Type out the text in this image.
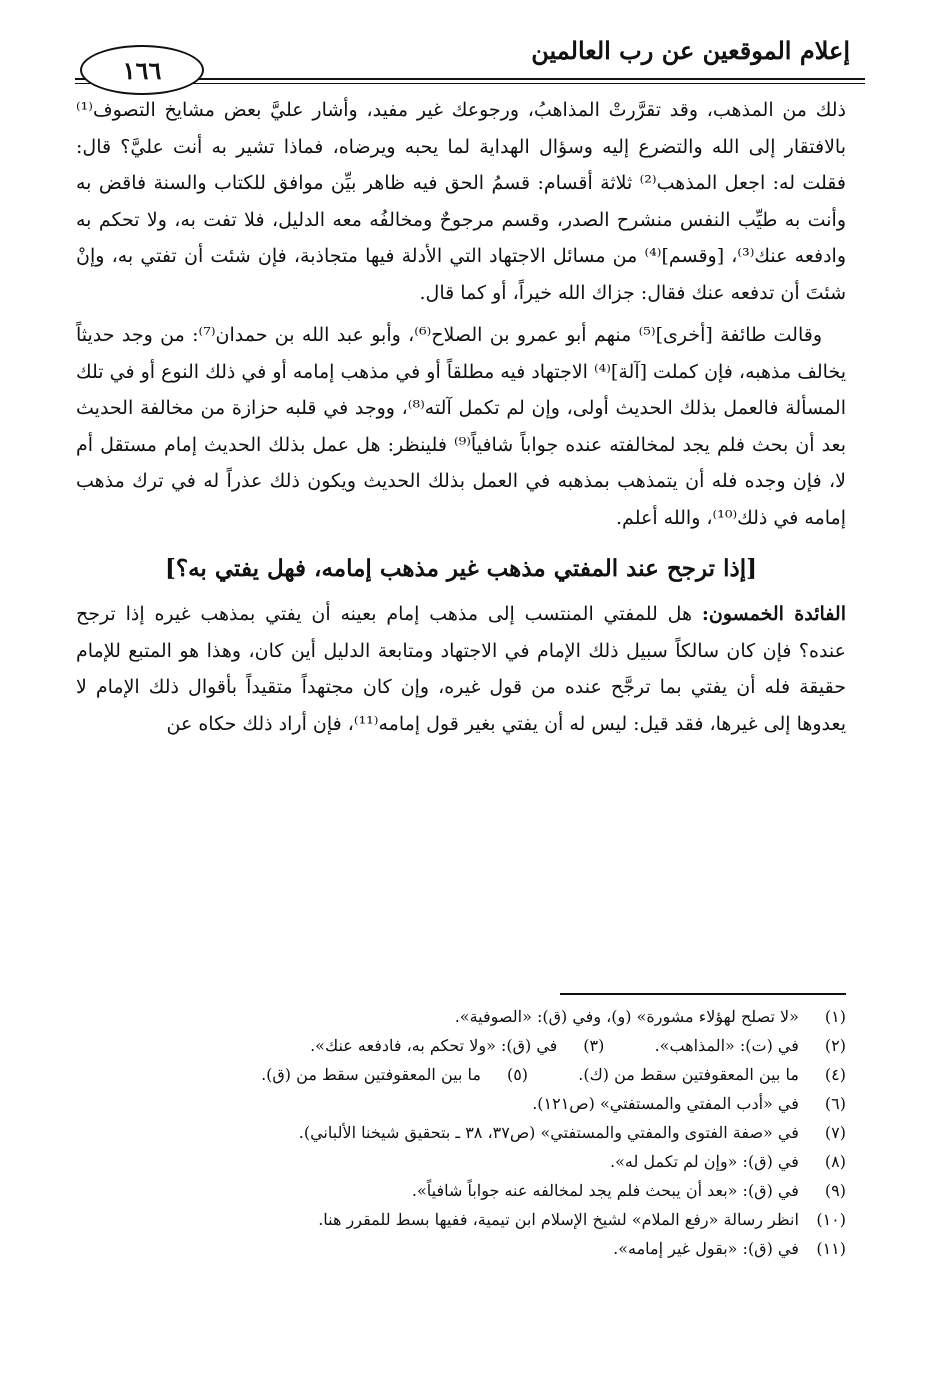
إعلام الموقعين عن رب العالمين
١٦٦

ذلك من المذهب، وقد تقرَّرتْ المذاهبُ، ورجوعك غير مفيد، وأشار عليَّ بعض مشايخ التصوف⁽¹⁾ بالافتقار إلى الله والتضرع إليه وسؤال الهداية لما يحبه ويرضاه، فماذا تشير به أنت عليَّ؟ قال: فقلت له: اجعل المذهب⁽²⁾ ثلاثة أقسام: قسمُ الحق فيه ظاهر بيِّن موافق للكتاب والسنة فاقض به وأنت به طيِّب النفس منشرح الصدر، وقسم مرجوحٌ ومخالفُه معه الدليل، فلا تفت به، ولا تحكم به وادفعه عنك⁽³⁾، [وقسم]⁽⁴⁾ من مسائل الاجتهاد التي الأدلة فيها متجاذبة، فإن شئت أن تفتي به، وإنْ شئتَ أن تدفعه عنك فقال: جزاك الله خيراً، أو كما قال.

وقالت طائفة [أخرى]⁽⁵⁾ منهم أبو عمرو بن الصلاح⁽⁶⁾، وأبو عبد الله بن حمدان⁽⁷⁾: من وجد حديثاً يخالف مذهبه، فإن كملت [آلة]⁽⁴⁾ الاجتهاد فيه مطلقاً أو في مذهب إمامه أو في ذلك النوع أو في تلك المسألة فالعمل بذلك الحديث أولى، وإن لم تكمل آلته⁽⁸⁾، ووجد في قلبه حزازة من مخالفة الحديث بعد أن بحث فلم يجد لمخالفته عنده جواباً شافياً⁽⁹⁾ فلينظر: هل عمل بذلك الحديث إمام مستقل أم لا، فإن وجده فله أن يتمذهب بمذهبه في العمل بذلك الحديث ويكون ذلك عذراً له في ترك مذهب إمامه في ذلك⁽¹⁰⁾، والله أعلم.

[إذا ترجح عند المفتي مذهب غير مذهب إمامه، فهل يفتي به؟]

الفائدة الخمسون: هل للمفتي المنتسب إلى مذهب إمام بعينه أن يفتي بمذهب غيره إذا ترجح عنده؟ فإن كان سالكاً سبيل ذلك الإمام في الاجتهاد ومتابعة الدليل أين كان، وهذا هو المتبع للإمام حقيقة فله أن يفتي بما ترجَّح عنده من قول غيره، وإن كان مجتهداً متقيداً بأقوال ذلك الإمام لا يعدوها إلى غيرها، فقد قيل: ليس له أن يفتي بغير قول إمامه⁽¹¹⁾، فإن أراد ذلك حكاه عن

(١) «لا تصلح لهؤلاء مشورة» (و)، وفي (ق): «الصوفية».
(٢) في (ت): «المذاهب».  (٣) في (ق): «ولا تحكم به، فادفعه عنك».
(٤) ما بين المعقوفتين سقط من (ك).  (٥) ما بين المعقوفتين سقط من (ق).
(٦) في «أدب المفتي والمستفتي» (ص١٢١).
(٧) في «صفة الفتوى والمفتي والمستفتي» (ص٣٧، ٣٨ ـ بتحقيق شيخنا الألباني).
(٨) في (ق): «وإن لم تكمل له».
(٩) في (ق): «بعد أن يبحث فلم يجد لمخالفه عنه جواباً شافياً».
(١٠) انظر رسالة «رفع الملام» لشيخ الإسلام ابن تيمية، ففيها بسط للمقرر هنا.
(١١) في (ق): «بقول غير إمامه».
